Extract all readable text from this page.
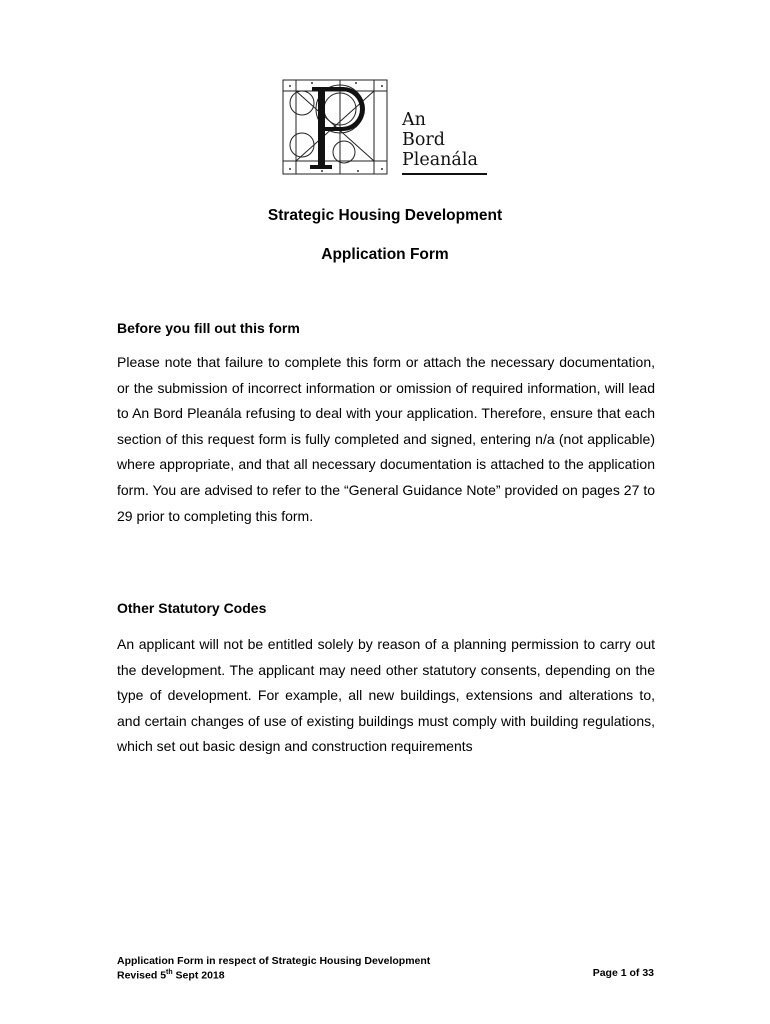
An
Bord
Pleanála
Strategic Housing Development
Application Form
Before you fill out this form

Please note that failure to complete this form or attach the necessary documentation, or the submission of incorrect information or omission of required information, will lead to An Bord Pleanála refusing to deal with your application. Therefore, ensure that each section of this request form is fully completed and signed, entering n/a (not applicable) where appropriate, and that all necessary documentation is attached to the application form. You are advised to refer to the “General Guidance Note” provided on pages 27 to 29 prior to completing this form.

Other Statutory Codes

An applicant will not be entitled solely by reason of a planning permission to carry out the development. The applicant may need other statutory consents, depending on the type of development. For example, all new buildings, extensions and alterations to, and certain changes of use of existing buildings must comply with building regulations, which set out basic design and construction requirements

Application Form in respect of Strategic Housing Development
Revised 5th Sept 2018	Page 1 of 33
